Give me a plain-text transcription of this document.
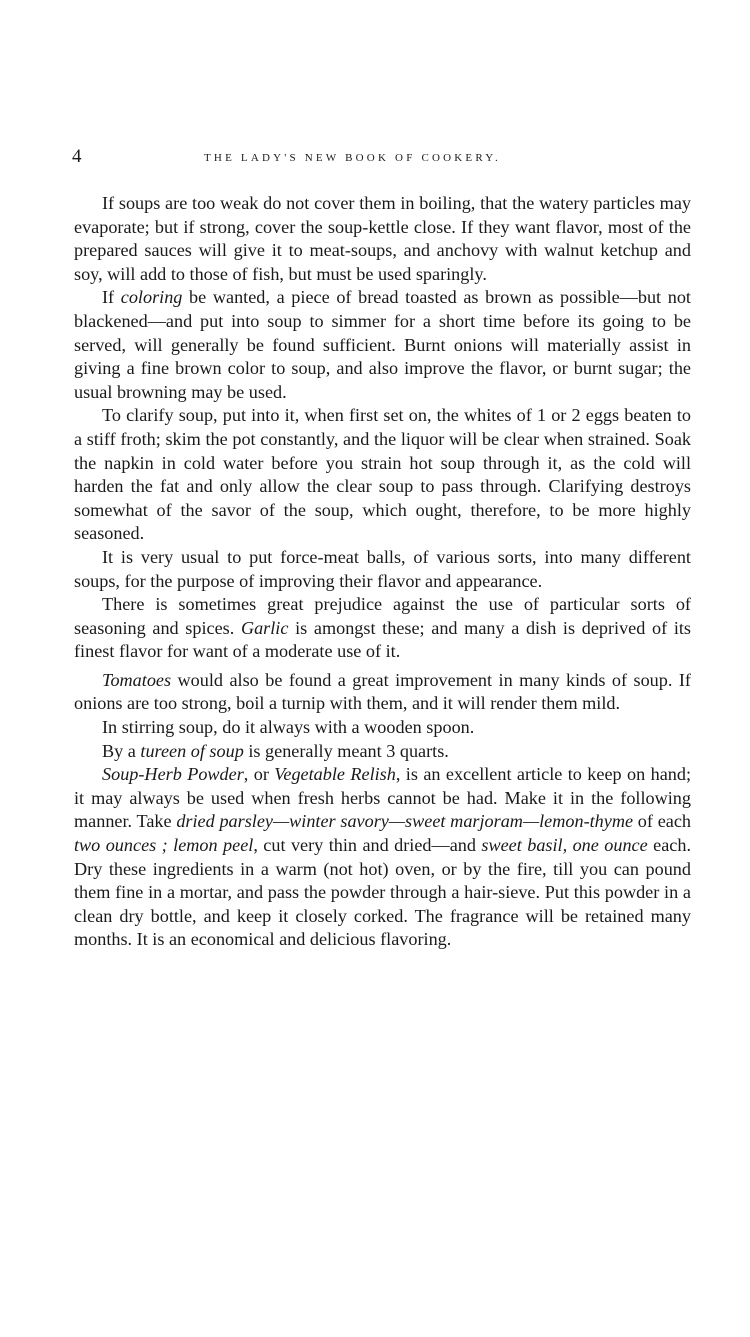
4	THE LADY'S NEW BOOK OF COOKERY.

If soups are too weak do not cover them in boiling, that the watery particles may evaporate; but if strong, cover the soup-kettle close. If they want flavor, most of the prepared sauces will give it to meat-soups, and anchovy with walnut ketchup and soy, will add to those of fish, but must be used sparingly.

If coloring be wanted, a piece of bread toasted as brown as possible—but not blackened—and put into soup to simmer for a short time before its going to be served, will generally be found sufficient. Burnt onions will materially assist in giving a fine brown color to soup, and also improve the flavor, or burnt sugar; the usual browning may be used.

To clarify soup, put into it, when first set on, the whites of 1 or 2 eggs beaten to a stiff froth; skim the pot constantly, and the liquor will be clear when strained. Soak the napkin in cold water before you strain hot soup through it, as the cold will harden the fat and only allow the clear soup to pass through. Clarifying destroys somewhat of the savor of the soup, which ought, therefore, to be more highly seasoned.

It is very usual to put force-meat balls, of various sorts, into many different soups, for the purpose of improving their flavor and appearance.

There is sometimes great prejudice against the use of particular sorts of seasoning and spices. Garlic is amongst these; and many a dish is deprived of its finest flavor for want of a moderate use of it.

Tomatoes would also be found a great improvement in many kinds of soup. If onions are too strong, boil a turnip with them, and it will render them mild.

In stirring soup, do it always with a wooden spoon.

By a tureen of soup is generally meant 3 quarts.

Soup-Herb Powder, or Vegetable Relish, is an excellent article to keep on hand; it may always be used when fresh herbs cannot be had. Make it in the following manner. Take dried parsley—winter savory—sweet marjoram—lemon-thyme of each two ounces ; lemon peel, cut very thin and dried—and sweet basil, one ounce each. Dry these ingredients in a warm (not hot) oven, or by the fire, till you can pound them fine in a mortar, and pass the powder through a hair-sieve. Put this powder in a clean dry bottle, and keep it closely corked. The fragrance will be retained many months. It is an economical and delicious flavoring.
